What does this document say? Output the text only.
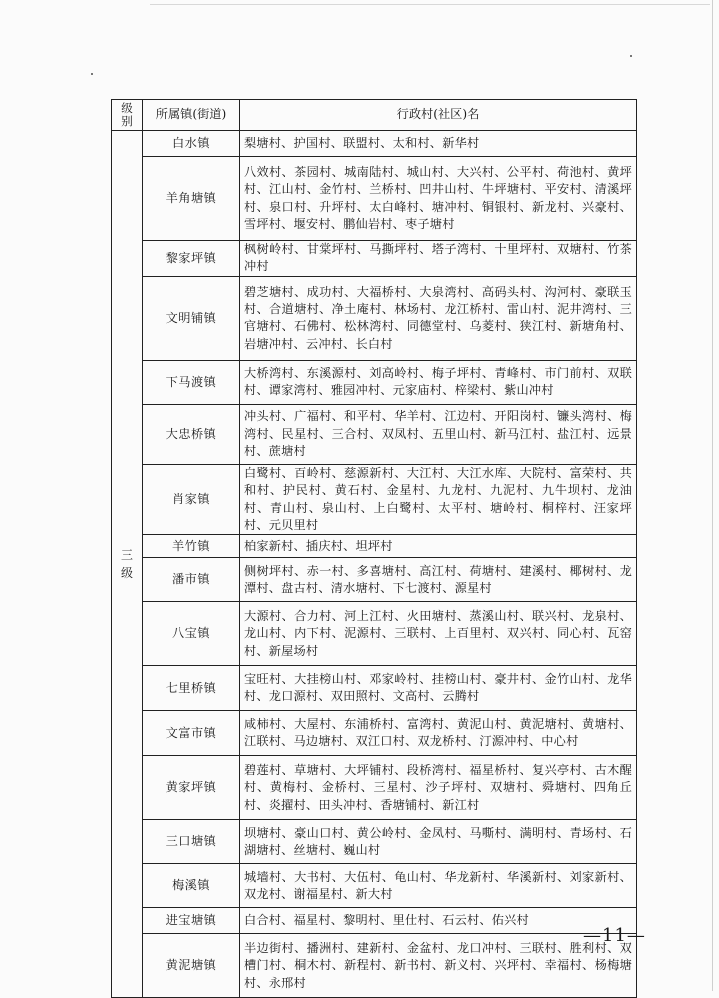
级别	所属镇(街道)	行政村(社区)名
三级	白水镇	梨塘村、护国村、联盟村、太和村、新华村
	羊角塘镇	八效村、茶园村、城南陆村、城山村、大兴村、公平村、荷池村、黄坪村、江山村、金竹村、兰桥村、凹井山村、牛坪塘村、平安村、清溪坪村、泉口村、升坪村、太白峰村、塘冲村、铜银村、新龙村、兴豪村、雪坪村、堰安村、鹏仙岩村、枣子塘村
	黎家坪镇	枫树岭村、甘棠坪村、马撕坪村、塔子湾村、十里坪村、双塘村、竹茶冲村
	文明铺镇	碧芝塘村、成功村、大福桥村、大泉湾村、高码头村、沟河村、豪联玉村、合道塘村、净土庵村、林场村、龙江桥村、雷山村、泥井湾村、三官塘村、石佛村、松林湾村、同德堂村、乌菱村、狭江村、新塘角村、岩塘冲村、云冲村、长白村
	下马渡镇	大桥湾村、东溪源村、刘高岭村、梅子坪村、青峰村、市门前村、双联村、谭家湾村、雅园冲村、元家庙村、梓梁村、紫山冲村
	大忠桥镇	冲头村、广福村、和平村、华羊村、江边村、开阳岗村、镰头湾村、梅湾村、民星村、三合村、双凤村、五里山村、新马江村、盐江村、远景村、蔗塘村
	肖家镇	白鹭村、百岭村、慈源新村、大江村、大江水库、大院村、富荣村、共和村、护民村、黄石村、金星村、九龙村、九泥村、九牛坝村、龙油村、青山村、泉山村、上白鹭村、太平村、塘岭村、桐梓村、汪家坪村、元贝里村
	羊竹镇	柏家新村、插庆村、坦坪村
	潘市镇	侧树坪村、赤一村、多喜塘村、高江村、荷塘村、建溪村、椰树村、龙潭村、盘古村、清水塘村、下七渡村、源星村
	八宝镇	大源村、合力村、河上江村、火田塘村、蒸溪山村、联兴村、龙泉村、龙山村、内下村、泥源村、三联村、上百里村、双兴村、同心村、瓦窑村、新屋场村
	七里桥镇	宝旺村、大挂榜山村、邓家岭村、挂榜山村、豪井村、金竹山村、龙华村、龙口源村、双田照村、文高村、云腾村
	文富市镇	咸柿村、大屋村、东浦桥村、富湾村、黄泥山村、黄泥塘村、黄塘村、江联村、马边塘村、双江口村、双龙桥村、汀源冲村、中心村
	黄家坪镇	碧莲村、草塘村、大坪铺村、段桥湾村、福星桥村、复兴亭村、古木醒村、黄梅村、金桥村、三星村、沙子坪村、双塘村、舜塘村、四角丘村、炎擢村、田头冲村、香塘铺村、新江村
	三口塘镇	坝塘村、豪山口村、黄公岭村、金凤村、马嘶村、满明村、青场村、石湖塘村、丝塘村、巍山村
	梅溪镇	城墙村、大书村、大伍村、龟山村、华龙新村、华溪新村、刘家新村、双龙村、谢福星村、新大村
	进宝塘镇	白合村、福星村、黎明村、里仕村、石云村、佑兴村
	黄泥塘镇	半边街村、播洲村、建新村、金盆村、龙口冲村、三联村、胜利村、双槽门村、桐木村、新程村、新书村、新义村、兴坪村、幸福村、杨梅塘村、永邢村
—11—
